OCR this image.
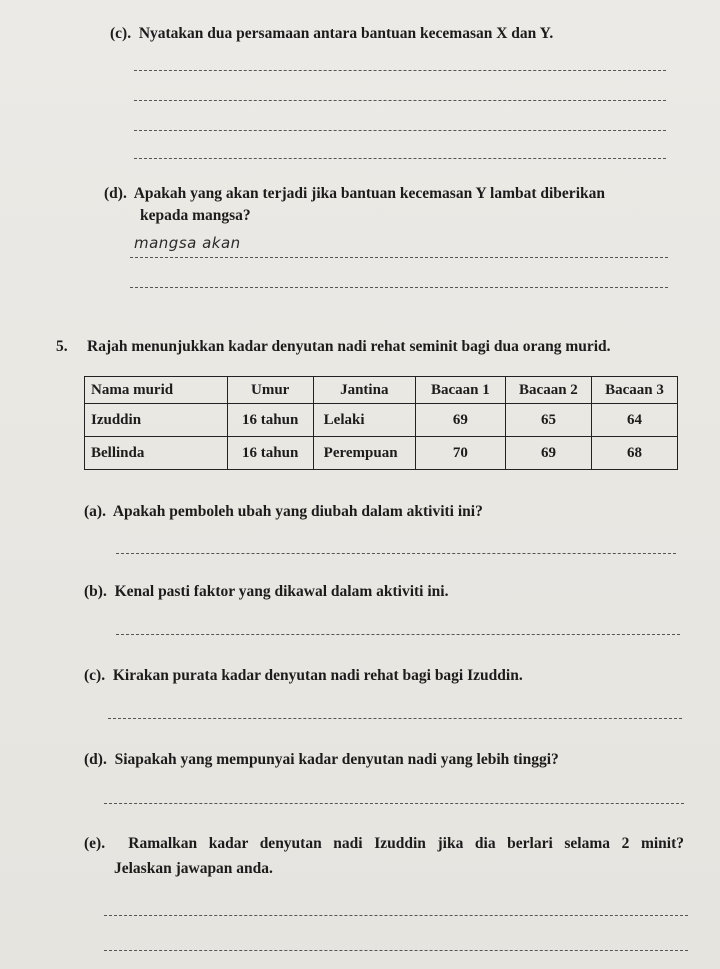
(c). Nyatakan dua persamaan antara bantuan kecemasan X dan Y.
(d). Apakah yang akan terjadi jika bantuan kecemasan Y lambat diberikan
kepada mangsa?
mangsa akan
5. Rajah menunjukkan kadar denyutan nadi rehat seminit bagi dua orang murid.
Nama murid	Umur	Jantina	Bacaan 1	Bacaan 2	Bacaan 3
Izuddin	16 tahun	Lelaki	69	65	64
Bellinda	16 tahun	Perempuan	70	69	68
(a). Apakah pemboleh ubah yang diubah dalam aktiviti ini?
(b). Kenal pasti faktor yang dikawal dalam aktiviti ini.
(c). Kirakan purata kadar denyutan nadi rehat bagi bagi Izuddin.
(d). Siapakah yang mempunyai kadar denyutan nadi yang lebih tinggi?
(e). Ramalkan kadar denyutan nadi Izuddin jika dia berlari selama 2 minit?
Jelaskan jawapan anda.
